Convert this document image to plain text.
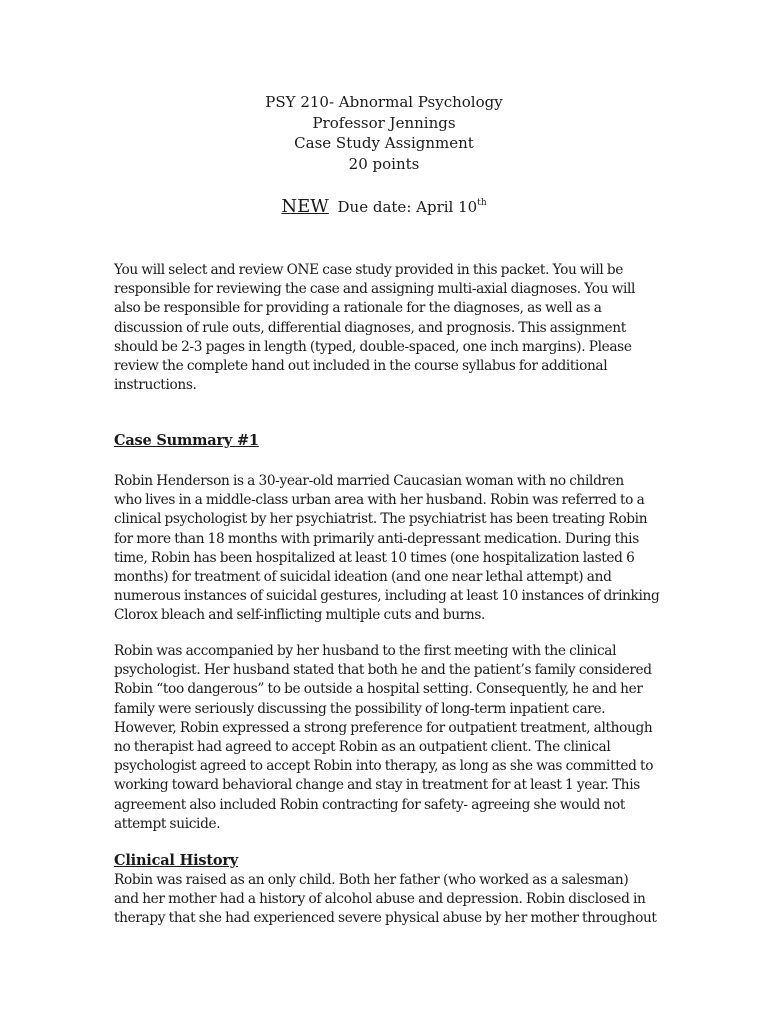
PSY 210- Abnormal Psychology
Professor Jennings
Case Study Assignment
20 points
NEW Due date: April 10th

You will select and review ONE case study provided in this packet. You will be

responsible for reviewing the case and assigning multi-axial diagnoses. You will

also be responsible for providing a rationale for the diagnoses, as well as a

discussion of rule outs, differential diagnoses, and prognosis. This assignment

should be 2-3 pages in length (typed, double-spaced, one inch margins). Please

review the complete hand out included in the course syllabus for additional

instructions.

Case Summary #1

Robin Henderson is a 30-year-old married Caucasian woman with no children

who lives in a middle-class urban area with her husband. Robin was referred to a

clinical psychologist by her psychiatrist. The psychiatrist has been treating Robin

for more than 18 months with primarily anti-depressant medication. During this

time, Robin has been hospitalized at least 10 times (one hospitalization lasted 6

months) for treatment of suicidal ideation (and one near lethal attempt) and

numerous instances of suicidal gestures, including at least 10 instances of drinking

Clorox bleach and self-inflicting multiple cuts and burns.

Robin was accompanied by her husband to the first meeting with the clinical

psychologist. Her husband stated that both he and the patient’s family considered

Robin “too dangerous” to be outside a hospital setting. Consequently, he and her

family were seriously discussing the possibility of long-term inpatient care.

However, Robin expressed a strong preference for outpatient treatment, although

no therapist had agreed to accept Robin as an outpatient client. The clinical

psychologist agreed to accept Robin into therapy, as long as she was committed to

working toward behavioral change and stay in treatment for at least 1 year. This

agreement also included Robin contracting for safety- agreeing she would not

attempt suicide.

Clinical History

Robin was raised as an only child. Both her father (who worked as a salesman)

and her mother had a history of alcohol abuse and depression. Robin disclosed in

therapy that she had experienced severe physical abuse by her mother throughout
